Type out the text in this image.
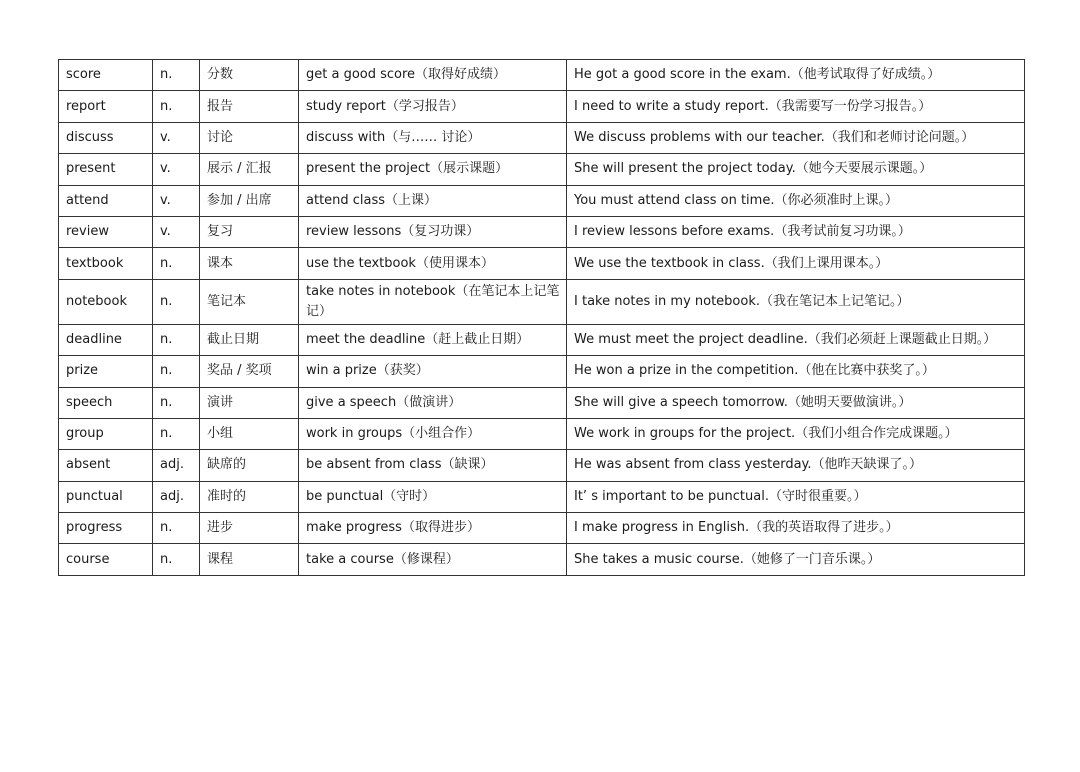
score	n.	分数	get a good score（取得好成绩）	He got a good score in the exam.（他考试取得了好成绩。）
report	n.	报告	study report（学习报告）	I need to write a study report.（我需要写一份学习报告。）
discuss	v.	讨论	discuss with（与…… 讨论）	We discuss problems with our teacher.（我们和老师讨论问题。）
present	v.	展示 / 汇报	present the project（展示课题）	She will present the project today.（她今天要展示课题。）
attend	v.	参加 / 出席	attend class（上课）	You must attend class on time.（你必须准时上课。）
review	v.	复习	review lessons（复习功课）	I review lessons before exams.（我考试前复习功课。）
textbook	n.	课本	use the textbook（使用课本）	We use the textbook in class.（我们上课用课本。）
notebook	n.	笔记本	take notes in notebook（在笔记本上记笔记）	I take notes in my notebook.（我在笔记本上记笔记。）
deadline	n.	截止日期	meet the deadline（赶上截止日期）	We must meet the project deadline.（我们必须赶上课题截止日期。）
prize	n.	奖品 / 奖项	win a prize（获奖）	He won a prize in the competition.（他在比赛中获奖了。）
speech	n.	演讲	give a speech（做演讲）	She will give a speech tomorrow.（她明天要做演讲。）
group	n.	小组	work in groups（小组合作）	We work in groups for the project.（我们小组合作完成课题。）
absent	adj.	缺席的	be absent from class（缺课）	He was absent from class yesterday.（他昨天缺课了。）
punctual	adj.	准时的	be punctual（守时）	It’ s important to be punctual.（守时很重要。）
progress	n.	进步	make progress（取得进步）	I make progress in English.（我的英语取得了进步。）
course	n.	课程	take a course（修课程）	She takes a music course.（她修了一门音乐课。）
